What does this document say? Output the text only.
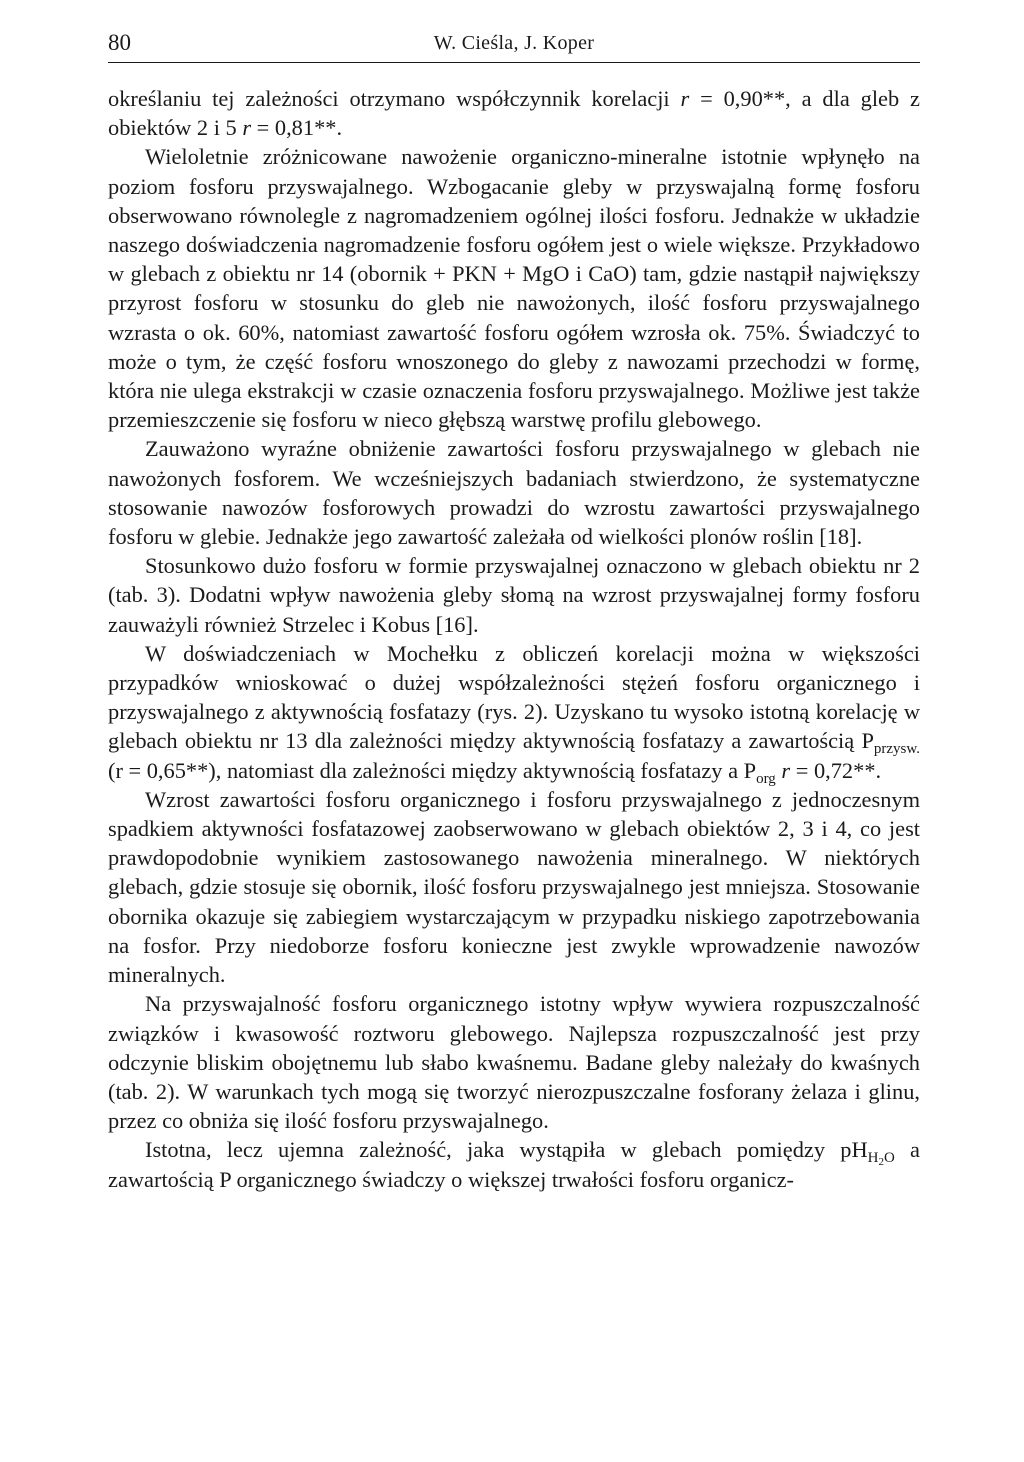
80	W. Cieśla, J. Koper

określaniu tej zależności otrzymano współczynnik korelacji r = 0,90**, a dla gleb z obiektów 2 i 5 r = 0,81**.

Wieloletnie zróżnicowane nawożenie organiczno-mineralne istotnie wpłynęło na poziom fosforu przyswajalnego. Wzbogacanie gleby w przyswajalną formę fosforu obserwowano równolegle z nagromadzeniem ogólnej ilości fosforu. Jednakże w układzie naszego doświadczenia nagromadzenie fosforu ogółem jest o wiele większe. Przykładowo w glebach z obiektu nr 14 (obornik + PKN + MgO i CaO) tam, gdzie nastąpił największy przyrost fosforu w stosunku do gleb nie nawożonych, ilość fosforu przyswajalnego wzrasta o ok. 60%, natomiast zawartość fosforu ogółem wzrosła ok. 75%. Świadczyć to może o tym, że część fosforu wnoszonego do gleby z nawozami przechodzi w formę, która nie ulega ekstrakcji w czasie oznaczenia fosforu przyswajalnego. Możliwe jest także przemieszczenie się fosforu w nieco głębszą warstwę profilu glebowego.

Zauważono wyraźne obniżenie zawartości fosforu przyswajalnego w glebach nie nawożonych fosforem. We wcześniejszych badaniach stwierdzono, że systematyczne stosowanie nawozów fosforowych prowadzi do wzrostu zawartości przyswajalnego fosforu w glebie. Jednakże jego zawartość zależała od wielkości plonów roślin [18].

Stosunkowo dużo fosforu w formie przyswajalnej oznaczono w glebach obiektu nr 2 (tab. 3). Dodatni wpływ nawożenia gleby słomą na wzrost przyswajalnej formy fosforu zauważyli również Strzelec i Kobus [16].

W doświadczeniach w Mochełku z obliczeń korelacji można w większości przypadków wnioskować o dużej współzależności stężeń fosforu organicznego i przyswajalnego z aktywnością fosfatazy (rys. 2). Uzyskano tu wysoko istotną korelację w glebach obiektu nr 13 dla zależności między aktywnością fosfatazy a zawartością $P_{przysw.}$ (r = 0,65**), natomiast dla zależności między aktywnością fosfatazy a $P_{org}$ r = 0,72**.

Wzrost zawartości fosforu organicznego i fosforu przyswajalnego z jednoczesnym spadkiem aktywności fosfatazowej zaobserwowano w glebach obiektów 2, 3 i 4, co jest prawdopodobnie wynikiem zastosowanego nawożenia mineralnego. W niektórych glebach, gdzie stosuje się obornik, ilość fosforu przyswajalnego jest mniejsza. Stosowanie obornika okazuje się zabiegiem wystarczającym w przypadku niskiego zapotrzebowania na fosfor. Przy niedoborze fosforu konieczne jest zwykle wprowadzenie nawozów mineralnych.

Na przyswajalność fosforu organicznego istotny wpływ wywiera rozpuszczalność związków i kwasowość roztworu glebowego. Najlepsza rozpuszczalność jest przy odczynie bliskim obojętnemu lub słabo kwaśnemu. Badane gleby należały do kwaśnych (tab. 2). W warunkach tych mogą się tworzyć nierozpuszczalne fosforany żelaza i glinu, przez co obniża się ilość fosforu przyswajalnego.

Istotna, lecz ujemna zależność, jaka wystąpiła w glebach pomiędzy $pH_{H_2O}$ a zawartością P organicznego świadczy o większej trwałości fosforu organicz-
